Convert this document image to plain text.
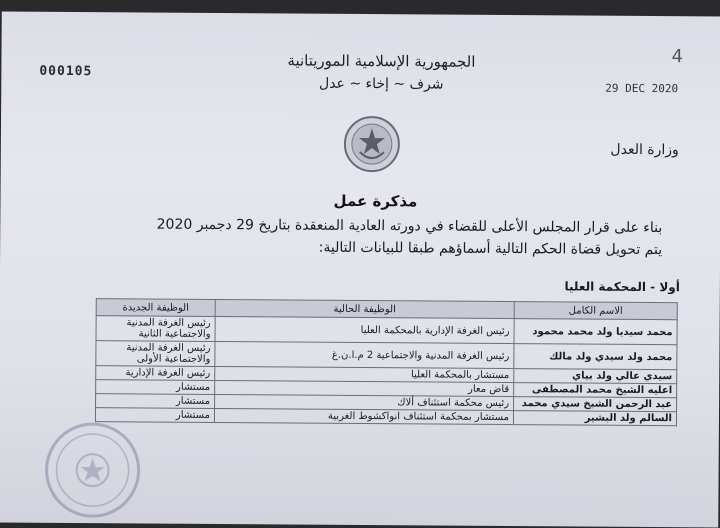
000105
4
29 DEC 2020
الجمهورية الإسلامية الموريتانية
شرف ~ إخاء ~ عدل
وزارة العدل
مذكرة عمل
بناء على قرار المجلس الأعلى للقضاء في دورته العادية المنعقدة بتاريخ 29 دجمبر 2020
يتم تحويل قضاة الحكم التالية أسماؤهم طبقا للبيانات التالية:
أولا - المحكمة العليا
الاسم الكامل	الوظيفة الحالية	الوظيفة الجديدة
محمد سيديا ولد محمد محمود	رئيس الغرفة الإدارية بالمحكمة العليا	رئيس الغرفة المدنية والاجتماعية الثانية
محمد ولد سيدي ولد مالك	رئيس الغرفة المدنية والاجتماعية 2 م.ا.ن.غ	رئيس الغرفة المدنية والاجتماعية الأولى
سيدي عالي ولد بياي	مستشار بالمحكمة العليا	رئيس الغرفة الإدارية
اعليه الشيخ محمد المصطفى	قاض معار	مستشار
عبد الرحمن الشيخ سيدي محمد	رئيس محكمة استئناف ألاك	مستشار
السالم ولد البشير	مستشار بمحكمة استئناف انواكشوط الغربية	مستشار
